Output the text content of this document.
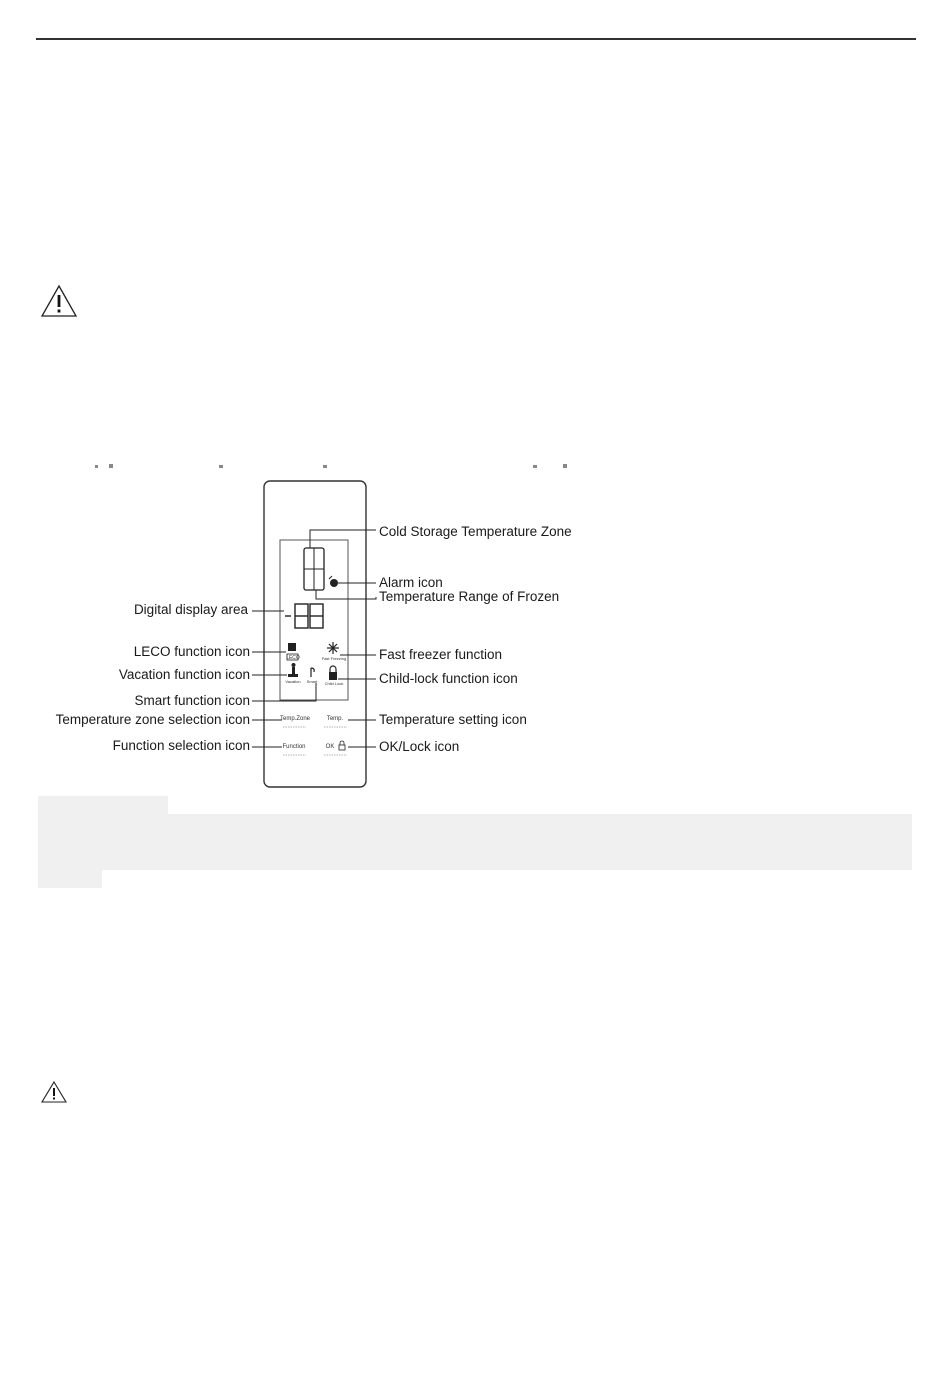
LECO	Fast Freezing
Vacation	Smart	Child Lock
Temp.Zone	Temp.
Function	OK
Digital display area
LECO function icon
Vacation function icon
Smart function icon
Temperature zone selection icon
Function selection icon
Cold Storage Temperature Zone
Alarm icon
Temperature Range of Frozen
Fast freezer function
Child-lock function icon
Temperature setting icon
OK/Lock icon
